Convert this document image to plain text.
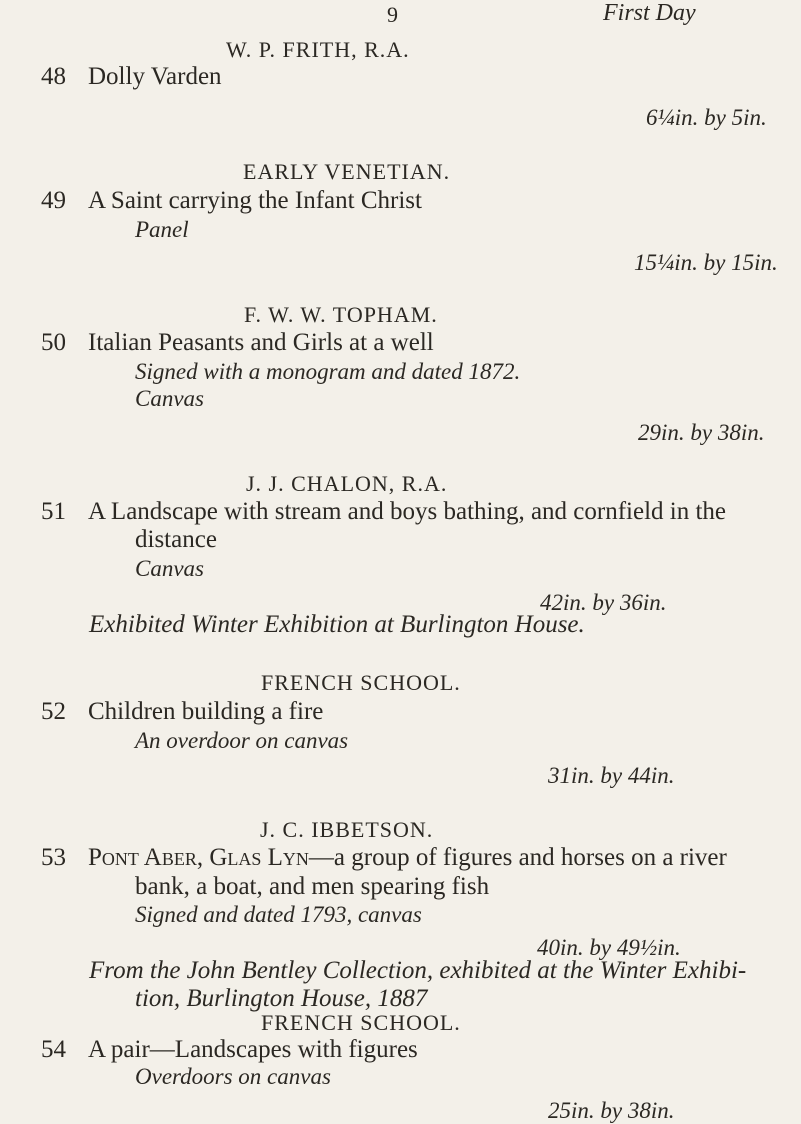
9	First Day
W. P. FRITH, R.A.
48 Dolly Varden
6¼in. by 5in.
EARLY VENETIAN.
49 A Saint carrying the Infant Christ
Panel
15¼in. by 15in.
F. W. W. TOPHAM.
50 Italian Peasants and Girls at a well
Signed with a monogram and dated 1872.
Canvas
29in. by 38in.
J. J. CHALON, R.A.
51 A Landscape with stream and boys bathing, and cornfield in the
distance
Canvas
42in. by 36in.
Exhibited Winter Exhibition at Burlington House.
FRENCH SCHOOL.
52 Children building a fire
An overdoor on canvas
31in. by 44in.
J. C. IBBETSON.
53 Pont Aber, Glas Lyn—a group of figures and horses on a river
bank, a boat, and men spearing fish
Signed and dated 1793, canvas
40in. by 49½in.
From the John Bentley Collection, exhibited at the Winter Exhibi-
tion, Burlington House, 1887
FRENCH SCHOOL.
54 A pair—Landscapes with figures
Overdoors on canvas
25in. by 38in.
